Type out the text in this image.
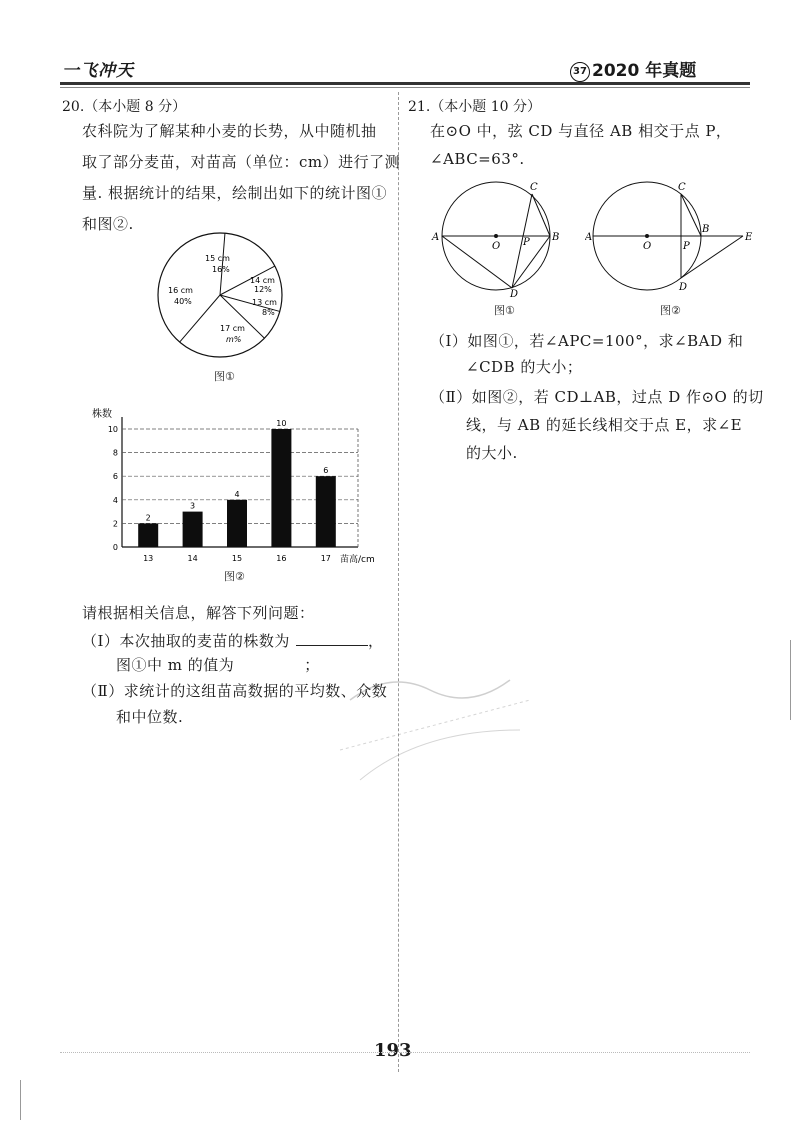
一飞冲天	37 2020 年真题
20.（本小题 8 分）
农科院为了解某种小麦的长势，从中随机抽
取了部分麦苗，对苗高（单位：cm）进行了测
量. 根据统计的结果，绘制出如下的统计图①
和图②.
15 cm
16%
14 cm
12%
13 cm
8%
17 cm
m%
16 cm
40%
图①
株数
0
2
4
6
8
10
2
3
4
10
6
13	14	15	16	17 苗高/cm
图②
请根据相关信息，解答下列问题：
（Ⅰ）本次抽取的麦苗的株数为	，
图①中 m 的值为	；
（Ⅱ）求统计的这组苗高数据的平均数、众数
和中位数.
21.（本小题 10 分）
在⊙O 中，弦 CD 与直径 AB 相交于点 P，
∠ABC=63°.
A	B
C
D
O P
图①
A
B
C
D
E
O	P
图②
（Ⅰ）如图①，若∠APC=100°，求∠BAD 和
∠CDB 的大小；
（Ⅱ）如图②，若 CD⊥AB，过点 D 作⊙O 的切
线，与 AB 的延长线相交于点 E，求∠E
的大小.
193
